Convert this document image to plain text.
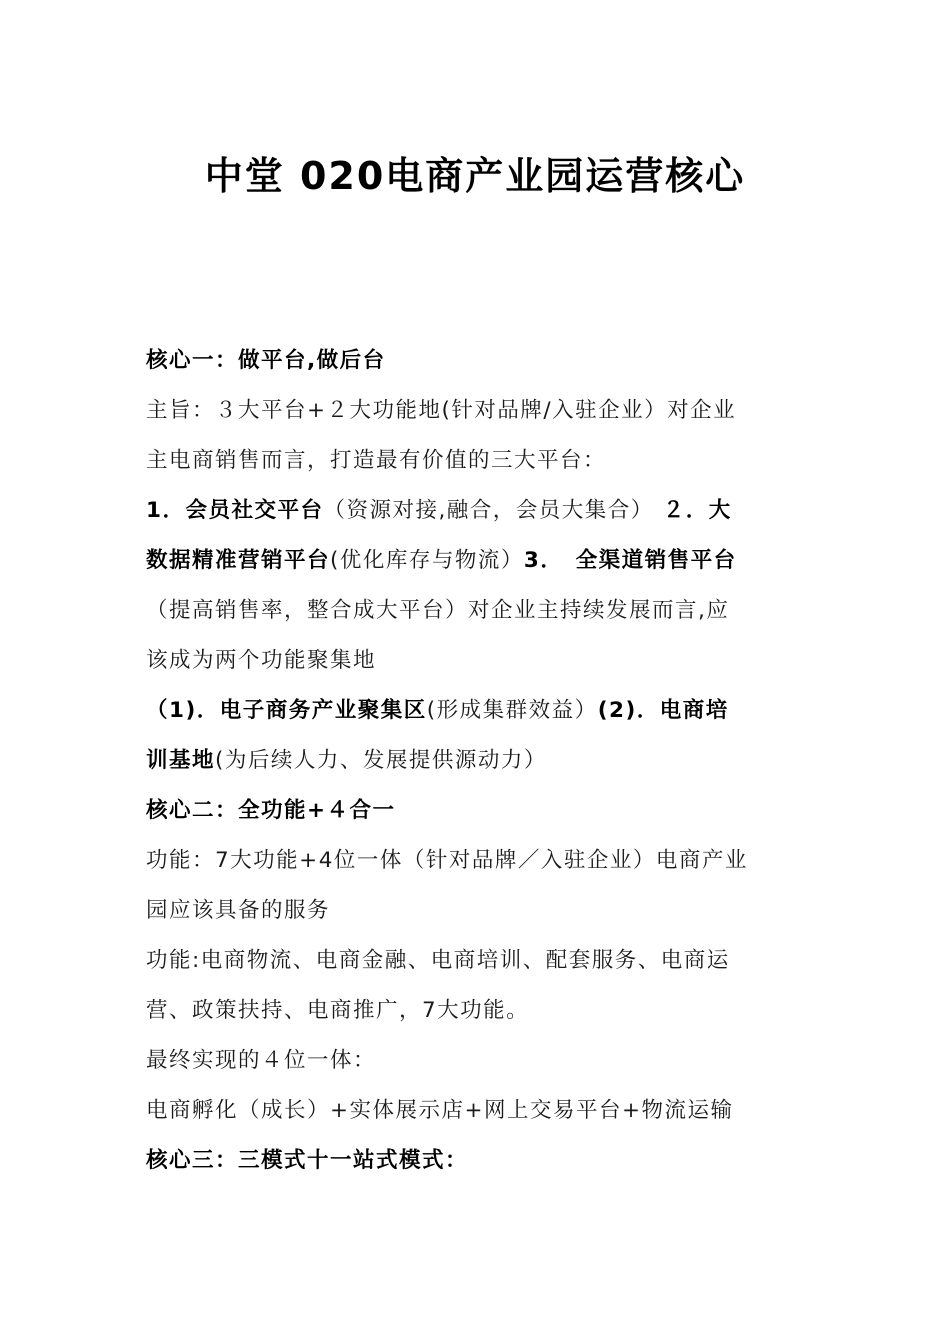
中堂 020电商产业园运营核心

核心一：做平台,做后台

主旨：３大平台+２大功能地(针对品牌/入驻企业）对企业

主电商销售而言，打造最有价值的三大平台：

1．会员社交平台（资源对接,融合，会员大集合） ２．大

数据精准营销平台(优化库存与物流）3．　全渠道销售平台

（提高销售率，整合成大平台）对企业主持续发展而言,应

该成为两个功能聚集地

（1)．电子商务产业聚集区(形成集群效益）(2)．电商培

训基地(为后续人力、发展提供源动力）

核心二：全功能+４合一

功能：7大功能+4位一体（针对品牌／入驻企业）电商产业

园应该具备的服务

功能:电商物流、电商金融、电商培训、配套服务、电商运

营、政策扶持、电商推广，7大功能。

最终实现的４位一体：

电商孵化（成长）+实体展示店+网上交易平台+物流运输

核心三：三模式十一站式模式：
